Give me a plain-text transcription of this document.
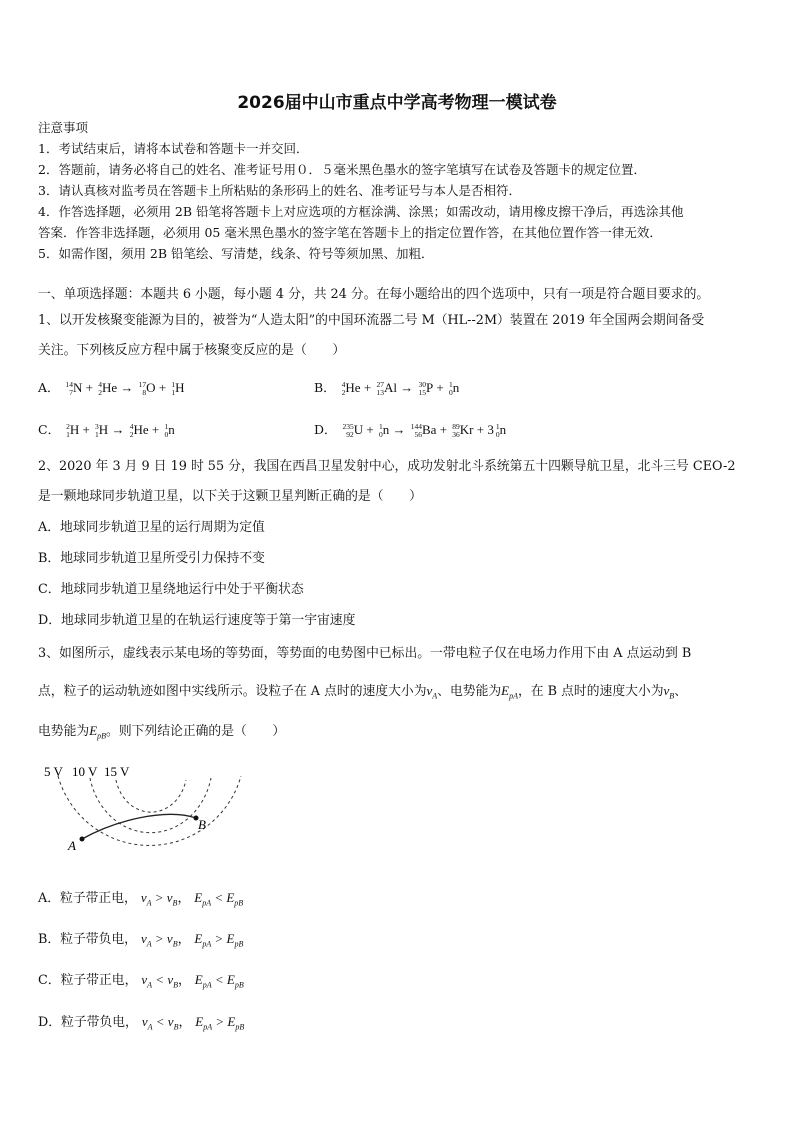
2026届中山市重点中学高考物理一模试卷
注意事项
1．考试结束后，请将本试卷和答题卡一并交回．
2．答题前，请务必将自己的姓名、准考证号用０．５毫米黑色墨水的签字笔填写在试卷及答题卡的规定位置．
3．请认真核对监考员在答题卡上所粘贴的条形码上的姓名、准考证号与本人是否相符．
4．作答选择题，必须用 2B 铅笔将答题卡上对应选项的方框涂满、涂黑；如需改动，请用橡皮擦干净后，再选涂其他
答案．作答非选择题，必须用 05 毫米黑色墨水的签字笔在答题卡上的指定位置作答，在其他位置作答一律无效．
5．如需作图，须用 2B 铅笔绘、写清楚，线条、符号等须加黑、加粗．
一、单项选择题：本题共 6 小题，每小题 4 分，共 24 分。在每小题给出的四个选项中，只有一项是符合题目要求的。
1、以开发核聚变能源为目的，被誉为“人造太阳”的中国环流器二号 M（HL--2M）装置在 2019 年全国两会期间备受
关注。下列核反应方程中属于核聚变反应的是（　　）
A． 14
7 N + 4
2 He → 17
8 O + 1
1 H	B． 4
2 He + 27
13 Al → 30
15 P + 1
0 n
C． 2
1 H + 3
1 H → 4
2 He + 1
0 n	D． 235
92 U + 1
0 n → 144
56 Ba + 89
36 Kr + 3 1
0 n
2、2020 年 3 月 9 日 19 时 55 分，我国在西昌卫星发射中心，成功发射北斗系统第五十四颗导航卫星，北斗三号 CEO-2
是一颗地球同步轨道卫星，以下关于这颗卫星判断正确的是（　　）
A．地球同步轨道卫星的运行周期为定值
B．地球同步轨道卫星所受引力保持不变
C．地球同步轨道卫星绕地运行中处于平衡状态
D．地球同步轨道卫星的在轨运行速度等于第一宇宙速度
3、如图所示，虚线表示某电场的等势面，等势面的电势图中已标出。一带电粒子仅在电场力作用下由 A 点运动到 B
点，粒子的运动轨迹如图中实线所示。设粒子在 A 点时的速度大小为$v_A$、电势能为$E_{pA}$，在 B 点时的速度大小为$v_B$、
电势能为$E_{pB}$。则下列结论正确的是（　　）
5 V 10 V 15 V
A
B
A．粒子带正电， $v_A > v_B$， $E_{pA} < E_{pB}$
B．粒子带负电， $v_A > v_B$， $E_{pA} > E_{pB}$
C．粒子带正电， $v_A < v_B$， $E_{pA} < E_{pB}$
D．粒子带负电， $v_A < v_B$， $E_{pA} > E_{pB}$
